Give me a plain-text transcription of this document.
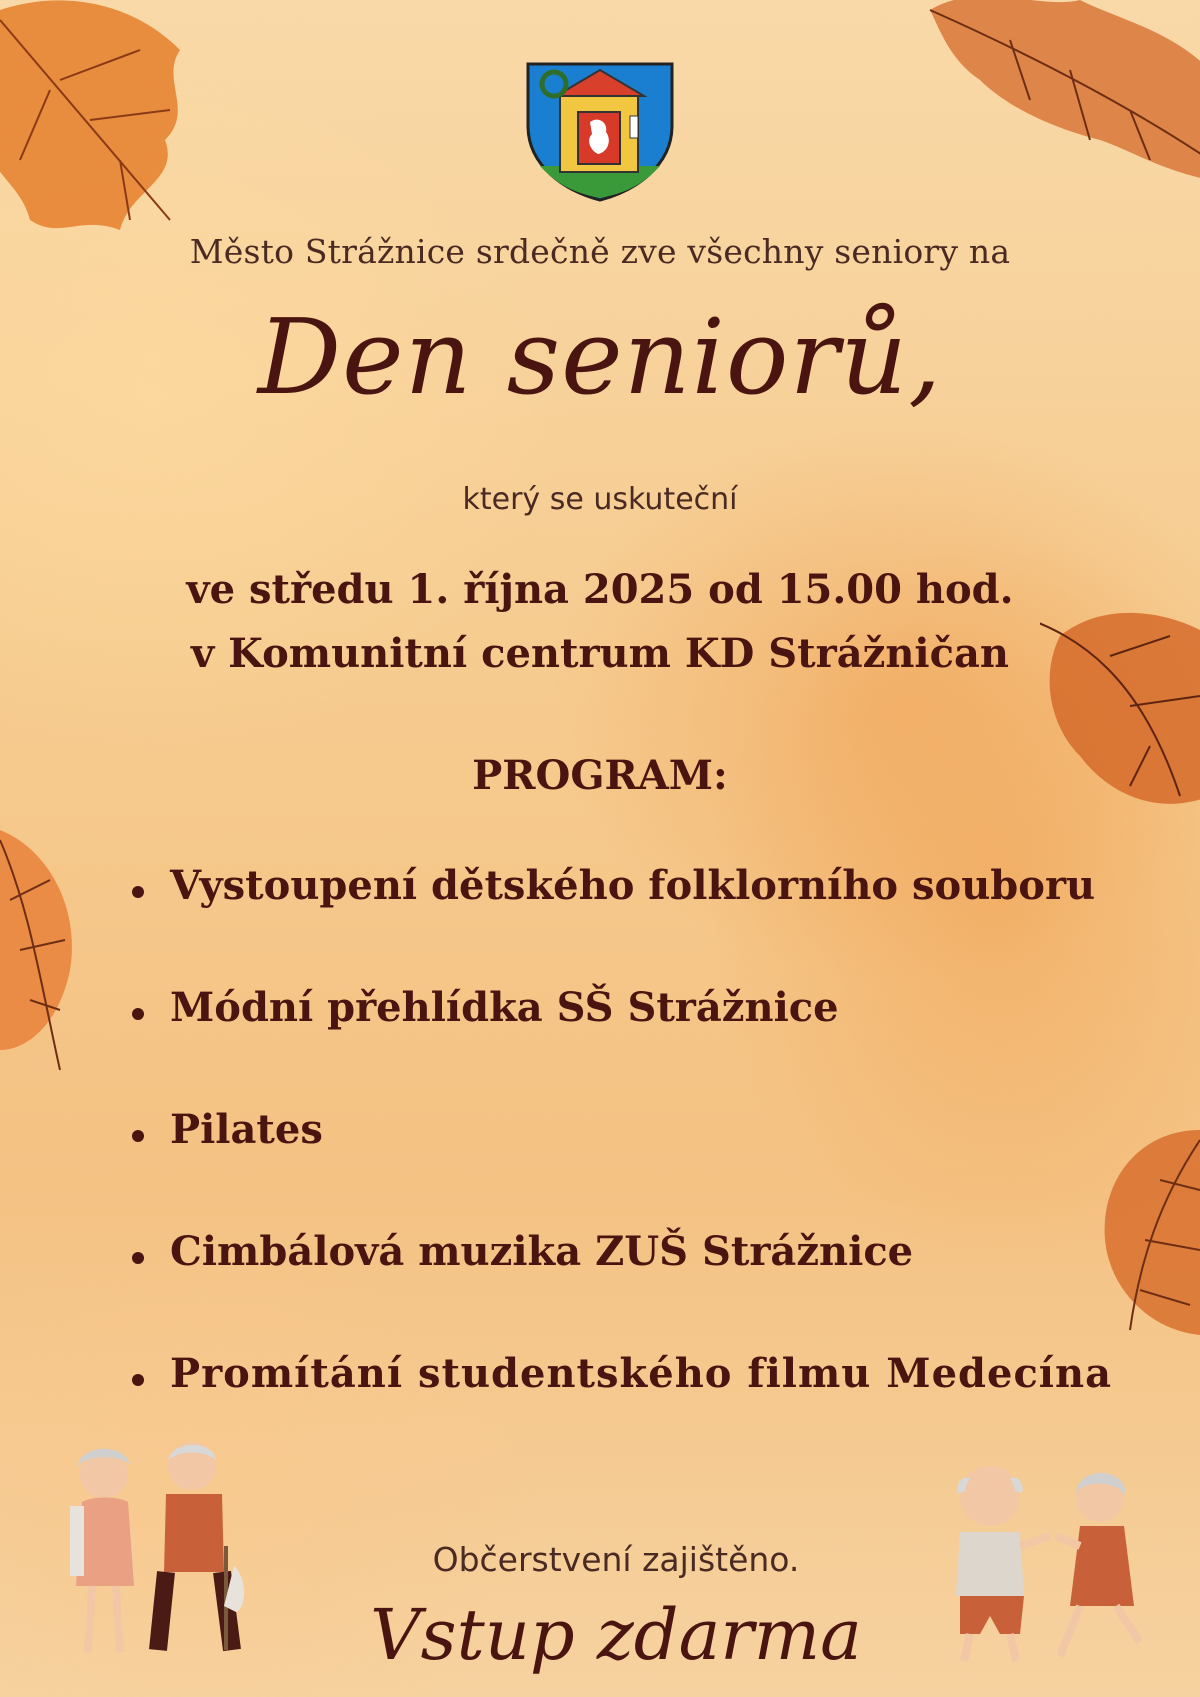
Město Strážnice srdečně zve všechny seniory na
Den seniorů,
který se uskuteční
ve středu 1. října 2025 od 15.00 hod.
v Komunitní centrum KD Strážničan
PROGRAM:
Vystoupení dětského folklorního souboru
Módní přehlídka SŠ Strážnice
Pilates
Cimbálová muzika ZUŠ Strážnice
Promítání studentského filmu Medecína
Občerstvení zajištěno.
Vstup zdarma
